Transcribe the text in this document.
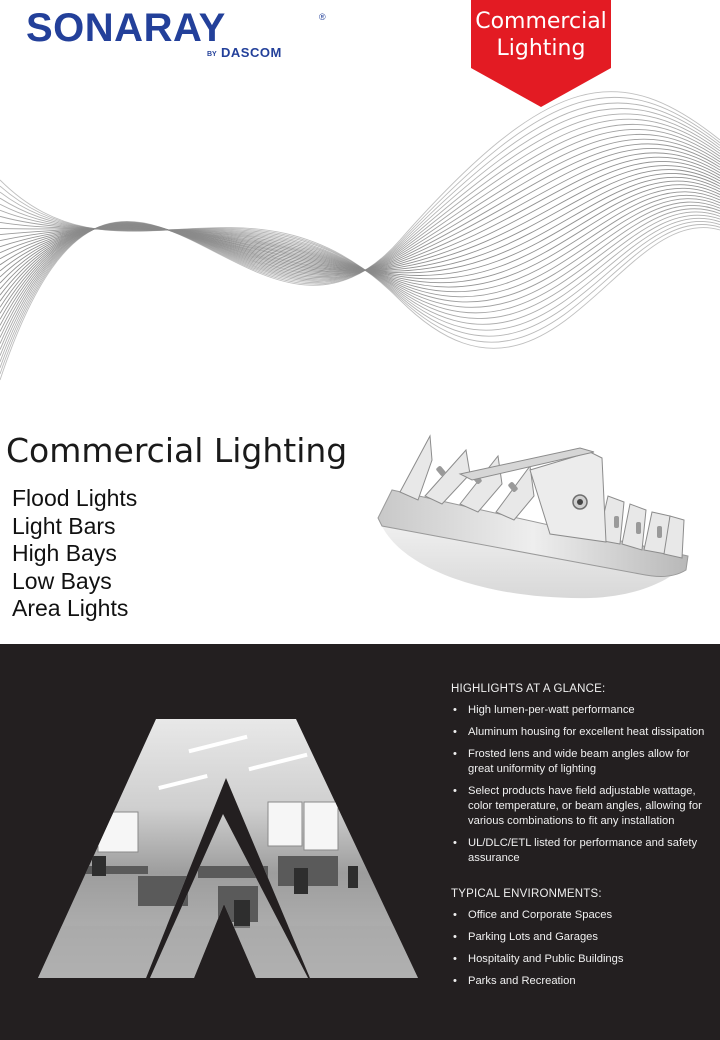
SONARAY	®
BY DASCOM
Commercial
Lighting
Commercial Lighting
Flood Lights
Light Bars
High Bays
Low Bays
Area Lights
HIGHLIGHTS AT A GLANCE:
• High lumen-per-watt performance
• Aluminum housing for excellent heat dissipation
• Frosted lens and wide beam angles allow for great uniformity of lighting
• Select products have field adjustable wattage, color temperature, or beam angles, allowing for various combinations to fit any installation
• UL/DLC/ETL listed for performance and safety assurance
TYPICAL ENVIRONMENTS:
• Office and Corporate Spaces
• Parking Lots and Garages
• Hospitality and Public Buildings
• Parks and Recreation
